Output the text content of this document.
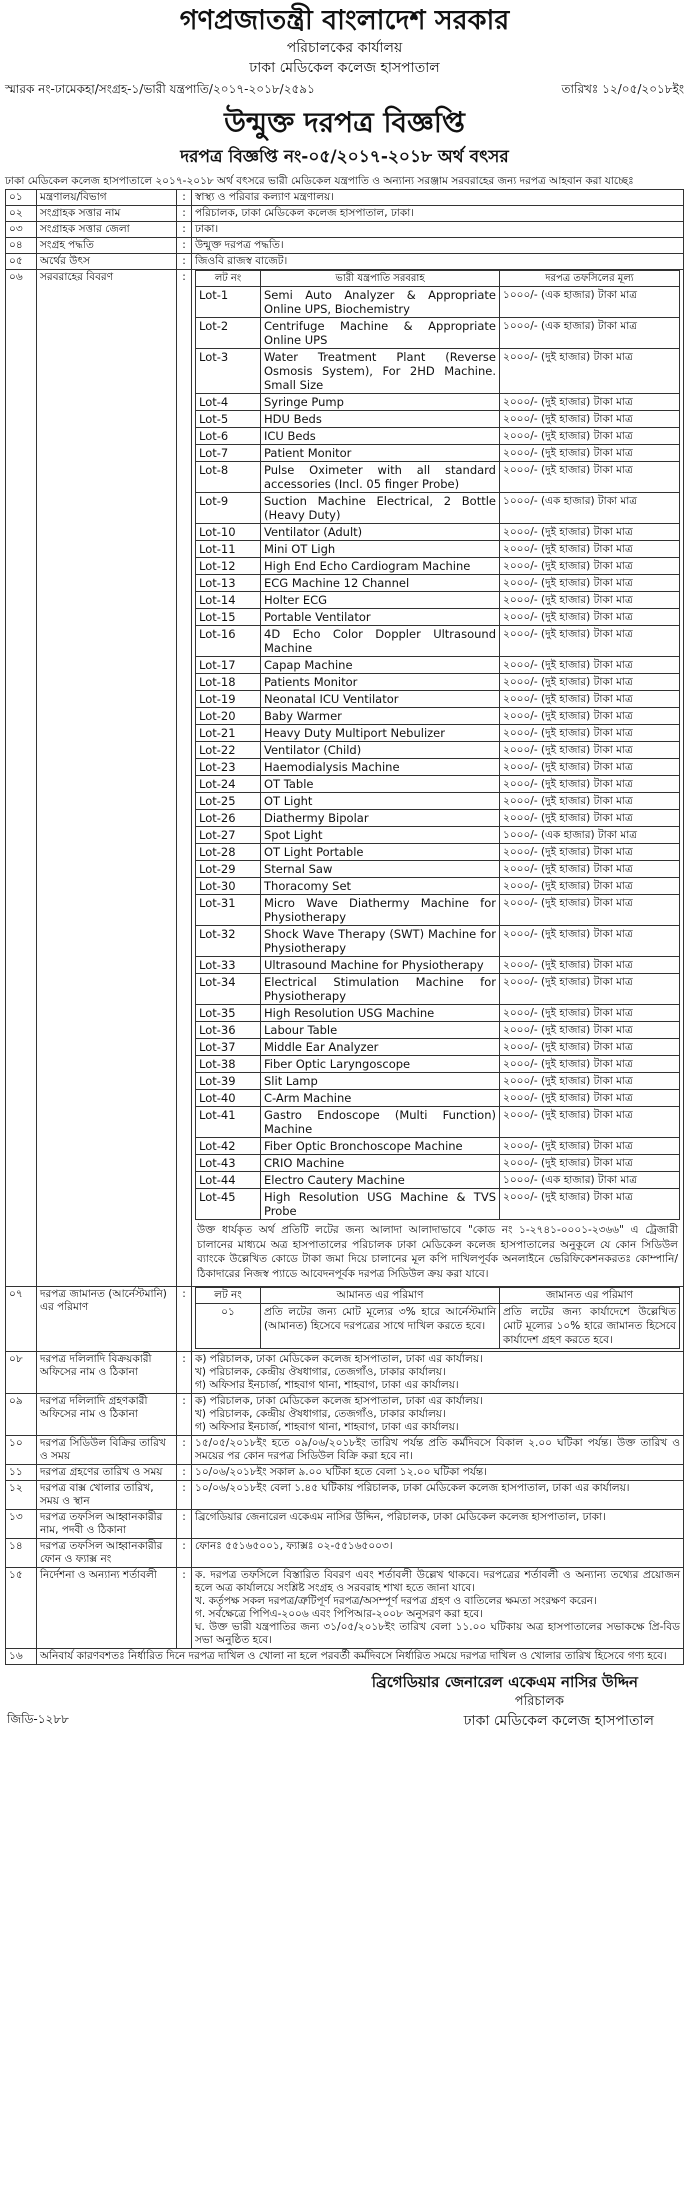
গণপ্রজাতন্ত্রী বাংলাদেশ সরকার
পরিচালকের কার্যালয়
ঢাকা মেডিকেল কলেজ হাসপাতাল
স্মারক নং-ঢামেকহা/সংগ্রহ-১/ভারী যন্ত্রপাতি/২০১৭-২০১৮/২৫৯১	তারিখঃ ১২/০৫/২০১৮ইং
উন্মুক্ত দরপত্র বিজ্ঞপ্তি
দরপত্র বিজ্ঞপ্তি নং-০৫/২০১৭-২০১৮ অর্থ বৎসর
ঢাকা মেডিকেল কলেজ হাসপাতালে ২০১৭-২০১৮ অর্থ বৎসরে ভারী মেডিকেল যন্ত্রপাতি ও অন্যান্য সরঞ্জাম সরবরাহের জন্য দরপত্র আহবান করা যাচ্ছেঃ
০১	মন্ত্রণালয়/বিভাগ	:	স্বাস্থ্য ও পরিবার কল্যাণ মন্ত্রণালয়।
০২	সংগ্রাহক সত্তার নাম	:	পরিচালক, ঢাকা মেডিকেল কলেজ হাসপাতাল, ঢাকা।
০৩	সংগ্রাহক সত্তার জেলা	:	ঢাকা।
০৪	সংগ্রহ পদ্ধতি	:	উন্মুক্ত দরপত্র পদ্ধতি।
০৫	অর্থের উৎস	:	জিওবি রাজস্ব বাজেট।
০৬	সরবরাহের বিবরণ	:		লট নং	ভারী যন্ত্রপাতি সরবরাহ	দরপত্র তফসিলের মূল্য
Lot-1	Semi Auto Analyzer & Appropriate Online UPS, Biochemistry	১০০০/- (এক হাজার) টাকা মাত্র
Lot-2	Centrifuge Machine & Appropriate Online UPS	১০০০/- (এক হাজার) টাকা মাত্র
Lot-3	Water Treatment Plant (Reverse Osmosis System), For 2HD Machine. Small Size	২০০০/- (দুই হাজার) টাকা মাত্র
Lot-4	Syringe Pump	২০০০/- (দুই হাজার) টাকা মাত্র
Lot-5	HDU Beds	২০০০/- (দুই হাজার) টাকা মাত্র
Lot-6	ICU Beds	২০০০/- (দুই হাজার) টাকা মাত্র
Lot-7	Patient Monitor	২০০০/- (দুই হাজার) টাকা মাত্র
Lot-8	Pulse Oximeter with all standard accessories (Incl. 05 finger Probe)	২০০০/- (দুই হাজার) টাকা মাত্র
Lot-9	Suction Machine Electrical, 2 Bottle (Heavy Duty)	১০০০/- (এক হাজার) টাকা মাত্র
Lot-10	Ventilator (Adult)	২০০০/- (দুই হাজার) টাকা মাত্র
Lot-11	Mini OT Ligh	২০০০/- (দুই হাজার) টাকা মাত্র
Lot-12	High End Echo Cardiogram Machine	২০০০/- (দুই হাজার) টাকা মাত্র
Lot-13	ECG Machine 12 Channel	২০০০/- (দুই হাজার) টাকা মাত্র
Lot-14	Holter ECG	২০০০/- (দুই হাজার) টাকা মাত্র
Lot-15	Portable Ventilator	২০০০/- (দুই হাজার) টাকা মাত্র
Lot-16	4D Echo Color Doppler Ultrasound Machine	২০০০/- (দুই হাজার) টাকা মাত্র
Lot-17	Capap Machine	২০০০/- (দুই হাজার) টাকা মাত্র
Lot-18	Patients Monitor	২০০০/- (দুই হাজার) টাকা মাত্র
Lot-19	Neonatal ICU Ventilator	২০০০/- (দুই হাজার) টাকা মাত্র
Lot-20	Baby Warmer	২০০০/- (দুই হাজার) টাকা মাত্র
Lot-21	Heavy Duty Multiport Nebulizer	২০০০/- (দুই হাজার) টাকা মাত্র
Lot-22	Ventilator (Child)	২০০০/- (দুই হাজার) টাকা মাত্র
Lot-23	Haemodialysis Machine	২০০০/- (দুই হাজার) টাকা মাত্র
Lot-24	OT Table	২০০০/- (দুই হাজার) টাকা মাত্র
Lot-25	OT Light	২০০০/- (দুই হাজার) টাকা মাত্র
Lot-26	Diathermy Bipolar	২০০০/- (দুই হাজার) টাকা মাত্র
Lot-27	Spot Light	১০০০/- (এক হাজার) টাকা মাত্র
Lot-28	OT Light Portable	২০০০/- (দুই হাজার) টাকা মাত্র
Lot-29	Sternal Saw	২০০০/- (দুই হাজার) টাকা মাত্র
Lot-30	Thoracomy Set	২০০০/- (দুই হাজার) টাকা মাত্র
Lot-31	Micro Wave Diathermy Machine for Physiotherapy	২০০০/- (দুই হাজার) টাকা মাত্র
Lot-32	Shock Wave Therapy (SWT) Machine for Physiotherapy	২০০০/- (দুই হাজার) টাকা মাত্র
Lot-33	Ultrasound Machine for Physiotherapy	২০০০/- (দুই হাজার) টাকা মাত্র
Lot-34	Electrical Stimulation Machine for Physiotherapy	২০০০/- (দুই হাজার) টাকা মাত্র
Lot-35	High Resolution USG Machine	২০০০/- (দুই হাজার) টাকা মাত্র
Lot-36	Labour Table	২০০০/- (দুই হাজার) টাকা মাত্র
Lot-37	Middle Ear Analyzer	২০০০/- (দুই হাজার) টাকা মাত্র
Lot-38	Fiber Optic Laryngoscope	২০০০/- (দুই হাজার) টাকা মাত্র
Lot-39	Slit Lamp	২০০০/- (দুই হাজার) টাকা মাত্র
Lot-40	C-Arm Machine	২০০০/- (দুই হাজার) টাকা মাত্র
Lot-41	Gastro Endoscope (Multi Function) Machine	২০০০/- (দুই হাজার) টাকা মাত্র
Lot-42	Fiber Optic Bronchoscope Machine	২০০০/- (দুই হাজার) টাকা মাত্র
Lot-43	CRIO Machine	২০০০/- (দুই হাজার) টাকা মাত্র
Lot-44	Electro Cautery Machine	১০০০/- (এক হাজার) টাকা মাত্র
Lot-45	High Resolution USG Machine & TVS Probe	২০০০/- (দুই হাজার) টাকা মাত্র
উক্ত ধার্যকৃত অর্থ প্রতিটি লটের জন্য আলাদা আলাদাভাবে "কোড নং ১-২৭৪১-০০০১-২৩৬৬" এ ট্রেজারী চালানের মাধ্যমে অত্র হাসপাতালের পরিচালক ঢাকা মেডিকেল কলেজ হাসপাতালের অনুকূলে যে কোন সিডিউল ব্যাংকে উল্লেখিত কোডে টাকা জমা দিয়ে চালানের মূল কপি দাখিলপূর্বক অনলাইনে ভেরিফিকেশনকরতঃ কোম্পানি/ঠিকাদারের নিজস্ব প্যাডে আবেদনপূর্বক দরপত্র সিডিউল ক্রয় করা যাবে।

০৭	দরপত্র জামানত (আর্নেস্টমানি) এর পরিমাণ	:		লট নং	আমানত এর পরিমাণ	জামানত এর পরিমাণ
০১	প্রতি লটের জন্য মোট মূল্যের ৩% হারে আর্নেস্টমানি (আমানত) হিসেবে দরপত্রের সাথে দাখিল করতে হবে।	প্রতি লটের জন্য কার্যাদেশে উল্লেখিত মোট মূল্যের ১০% হারে জামানত হিসেবে কার্যাদেশ গ্রহণ করতে হবে।

০৮	দরপত্র দলিলাদি বিক্রয়কারী অফিসের নাম ও ঠিকানা	:	ক) পরিচালক, ঢাকা মেডিকেল কলেজ হাসপাতাল, ঢাকা এর কার্যালয়।
খ) পরিচালক, কেন্দ্রীয় ঔষধাগার, তেজগাঁও, ঢাকার কার্যালয়।
গ) অফিসার ইনচার্জ, শাহবাগ থানা, শাহবাগ, ঢাকা এর কার্যালয়।

০৯	দরপত্র দলিলাদি গ্রহণকারী অফিসের নাম ও ঠিকানা	:	ক) পরিচালক, ঢাকা মেডিকেল কলেজ হাসপাতাল, ঢাকা এর কার্যালয়।
খ) পরিচালক, কেন্দ্রীয় ঔষধাগার, তেজগাঁও, ঢাকার কার্যালয়।
গ) অফিসার ইনচার্জ, শাহবাগ থানা, শাহবাগ, ঢাকা এর কার্যালয়।

১০	দরপত্র সিডিউল বিক্রির তারিখ ও সময়	:	১৫/০৫/২০১৮ইং হতে ০৯/০৬/২০১৮ইং তারিখ পর্যন্ত প্রতি কর্মদিবসে বিকাল ২.০০ ঘটিকা পর্যন্ত। উক্ত তারিখ ও সময়ের পর কোন দরপত্র সিডিউল বিক্রি করা হবে না।

১১	দরপত্র গ্রহণের তারিখ ও সময়	:	১০/০৬/২০১৮ইং সকাল ৯.০০ ঘটিকা হতে বেলা ১২.০০ ঘটিকা পর্যন্ত।

১২	দরপত্র বাক্স খোলার তারিখ, সময় ও স্থান	:	১০/০৬/২০১৮ইং বেলা ১.৪৫ ঘটিকায় পরিচালক, ঢাকা মেডিকেল কলেজ হাসপাতাল, ঢাকা এর কার্যালয়।

১৩	দরপত্র তফসিল আহ্বানকারীর নাম, পদবী ও ঠিকানা	:	ব্রিগেডিয়ার জেনারেল একেএম নাসির উদ্দিন, পরিচালক, ঢাকা মেডিকেল কলেজ হাসপাতাল, ঢাকা।

১৪	দরপত্র তফসিল আহ্বানকারীর ফোন ও ফ্যাক্স নং	:	ফোনঃ ৫৫১৬৫০০১, ফ্যাক্সঃ ০২-৫৫১৬৫০০৩।

১৫	নির্দেশনা ও অন্যান্য শর্তাবলী	:	ক. দরপত্র তফসিলে বিস্তারিত বিবরণ এবং শর্তাবলী উল্লেখ থাকবে। দরপত্রের শর্তাবলী ও অন্যান্য তথ্যের প্রয়োজন হলে অত্র কার্যালয়ে সংশ্লিষ্ট সংগ্রহ ও সরবরাহ শাখা হতে জানা যাবে।
খ. কর্তৃপক্ষ সকল দরপত্র/ত্রুটিপূর্ণ দরপত্র/অসম্পূর্ণ দরপত্র গ্রহণ ও বাতিলের ক্ষমতা সংরক্ষণ করেন।
গ. সর্বক্ষেত্রে পিপিএ-২০০৬ এবং পিপিআর-২০০৮ অনুসরণ করা হবে।
ঘ. উক্ত ভারী যন্ত্রপাতির জন্য ৩১/০৫/২০১৮ইং তারিখ বেলা ১১.০০ ঘটিকায় অত্র হাসপাতালের সভাকক্ষে প্রি-বিড সভা অনুষ্ঠিত হবে।

১৬	অনিবার্য কারণবশতঃ নির্ধারিত দিনে দরপত্র দাখিল ও খোলা না হলে পরবর্তী কর্মদিবসে নির্ধারিত সময়ে দরপত্র দাখিল ও খোলার তারিখ হিসেবে গণ্য হবে।
ব্রিগেডিয়ার জেনারেল একেএম নাসির উদ্দিন
পরিচালক
জিডি-১২৮৮	ঢাকা মেডিকেল কলেজ হাসপাতাল
